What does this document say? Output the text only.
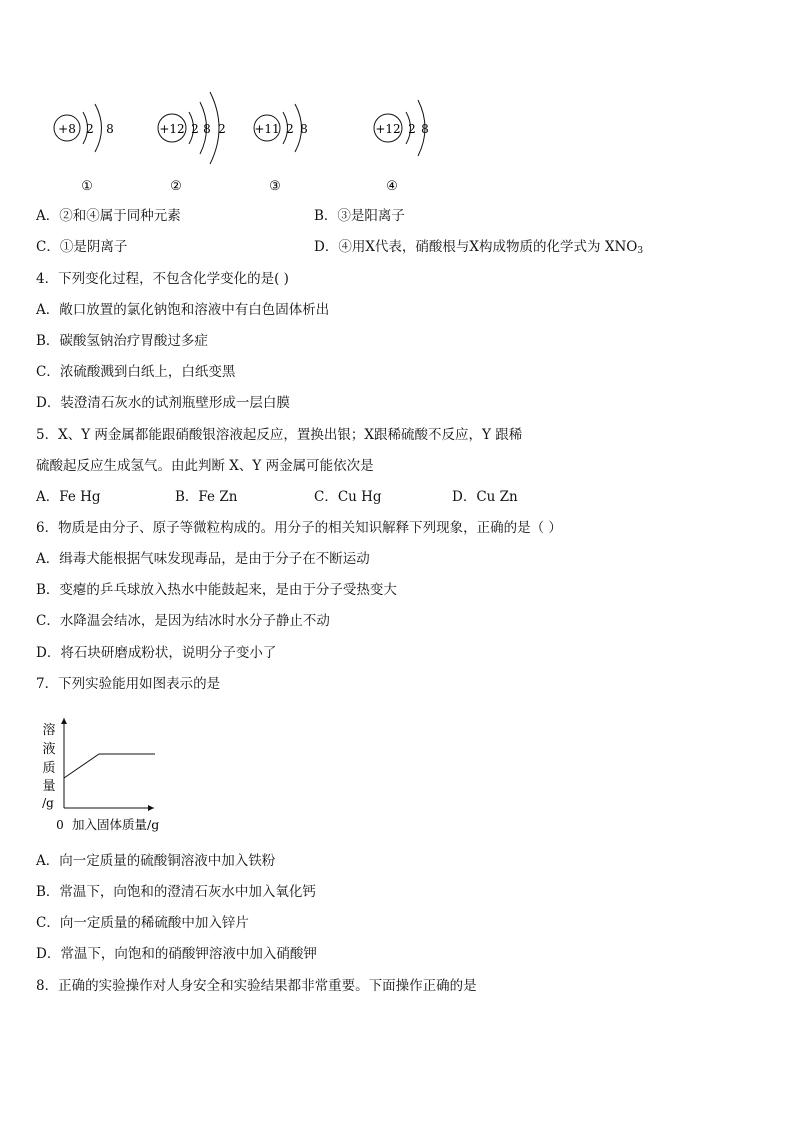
+8 2 8
①
+12 2 8 2
②
+11 2 8
③
+12 2 8
④
A．②和④属于同种元素	B．③是阳离子
C．①是阴离子	D．④用X代表，硝酸根与X构成物质的化学式为 $XNO_3$
4．下列变化过程，不包含化学变化的是( )
A．敞口放置的氯化钠饱和溶液中有白色固体析出
B．碳酸氢钠治疗胃酸过多症
C．浓硫酸溅到白纸上，白纸变黑
D．装澄清石灰水的试剂瓶壁形成一层白膜
5．X、Y 两金属都能跟硝酸银溶液起反应，置换出银；X跟稀硫酸不反应，Y 跟稀
硫酸起反应生成氢气。由此判断 X、Y 两金属可能依次是
A．Fe Hg	B．Fe Zn	C．Cu Hg	D．Cu Zn
6．物质是由分子、原子等微粒构成的。用分子的相关知识解释下列现象，正确的是（ ）
A．缉毒犬能根据气味发现毒品，是由于分子在不断运动
B．变瘪的乒乓球放入热水中能鼓起来，是由于分子受热变大
C．水降温会结冰，是因为结冰时水分子静止不动
D．将石块研磨成粉状，说明分子变小了
7．下列实验能用如图表示的是
溶
液
质
量
/g
0 加入固体质量/g
A．向一定质量的硫酸铜溶液中加入铁粉
B．常温下，向饱和的澄清石灰水中加入氧化钙
C．向一定质量的稀硫酸中加入锌片
D．常温下，向饱和的硝酸钾溶液中加入硝酸钾
8．正确的实验操作对人身安全和实验结果都非常重要。下面操作正确的是
